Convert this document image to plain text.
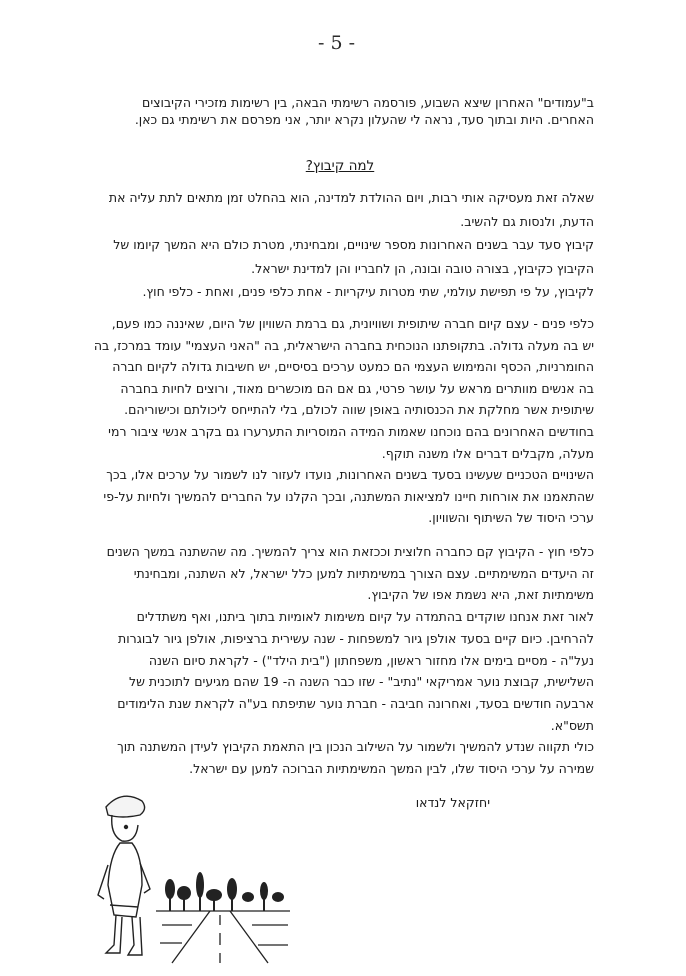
- 5 -
ב"עמודים" האחרון שיצא השבוע, פורסמה רשימתי הבאה, בין רשימות מזכירי הקיבוצים
האחרים. היות ובתוך סעד, נראה לי שהעלון נקרא יותר, אני מפרסם את רשימתי גם כאן.
למה קיבוץ?
שאלה זאת מעסיקה אותי רבות, ויום ההולדת למדינה, הוא בהחלט זמן מתאים לתת עליה את
הדעת, ולנסות גם להשיב.
קיבוץ סעד עבר בשנים האחרונות מספר שינויים, ומבחינתי, מטרת כולם היא המשך קיומו של
הקיבוץ כקיבוץ, בצורה טובה ובונה, הן לחבריו והן למדינת ישראל.
לקיבוץ, על פי תפישת עולמי, שתי מטרות עיקריות - אחת כלפי פנים, ואחת - כלפי חוץ.
כלפי פנים - עצם קיום חברה שיתופית ושוויונית, גם ברמת השוויון של היום, שאיננה כמו פעם,
יש בה מעלה גדולה. בתקופתנו הנוכחית בחברה הישראלית, בה "האני העצמי" עומד במרכז, בה
החומרניות, הכסף והמימוש העצמי הם כמעט ערכים בסיסיים, יש חשיבות גדולה לקיום חברה
בה אנשים מוותרים מראש על עושר פרטי, גם אם הם מוכשרים מאוד, ורוצים לחיות בחברה
שיתופית אשר מחלקת את הכנסותיה באופן שווה לכולם, בלי להתייחס ליכולתם וכישוריהם.
בחודשים האחרונים בהם נוכחנו שאמות המידה המוסריות התערערו גם בקרב אנשי ציבור רמי
מעלה, מקבלים דברים אלו משנה תוקף.
השינויים הטכניים שעשינו בסעד בשנים האחרונות, נועדו לעזור לנו לשמור על ערכים אלו, בכך
שהתאמנו את אורחות חיינו למציאות המשתנה, ובכך הקלנו על החברים להמשיך ולחיות על-פי
ערכי היסוד של השיתוף והשוויון.
כלפי חוץ - הקיבוץ קם כחברה חלוצית וככזאת הוא צריך להמשיך. מה שהשתנה במשך השנים
זה היעדים המשימתיים. עצם הצורך במשימתיות למען כלל ישראל, לא השתנה, ומבחינתי
משימתיות זאת, היא נשמת אפו של הקיבוץ.
לאור זאת אנחנו שוקדים בהתמדה על קיום משימות לאומיות בתוך ביתנו, ואף משתדלים
להרחיבן. כיום קיים בסעד אולפן גיור למשפחות - שנה עשירית ברציפות, אולפן גיור לבוגרות
נעל"ה - מסיים בימים אלו מחזור ראשון, משפחתון ("בית הילד") - לקראת סיום השנה
השלישית, קבוצת נוער אמריקאי "נתיב" - שזו כבר השנה ה- 19 שהם מגיעים לתוכנית של
ארבעה חודשים בסעד, ואחרונה חביבה - חברת נוער שתיפתח בע"ה לקראת שנת הלימודים
תשס"א.
כולי תקווה שנדע להמשיך ולשמור על השילוב הנכון בין התאמת הקיבוץ לעידן המשתנה תוך
שמירה על ערכי היסוד שלו, לבין המשך המשימתיות הברוכה למען עם ישראל.
יחזקאל לנדאו
